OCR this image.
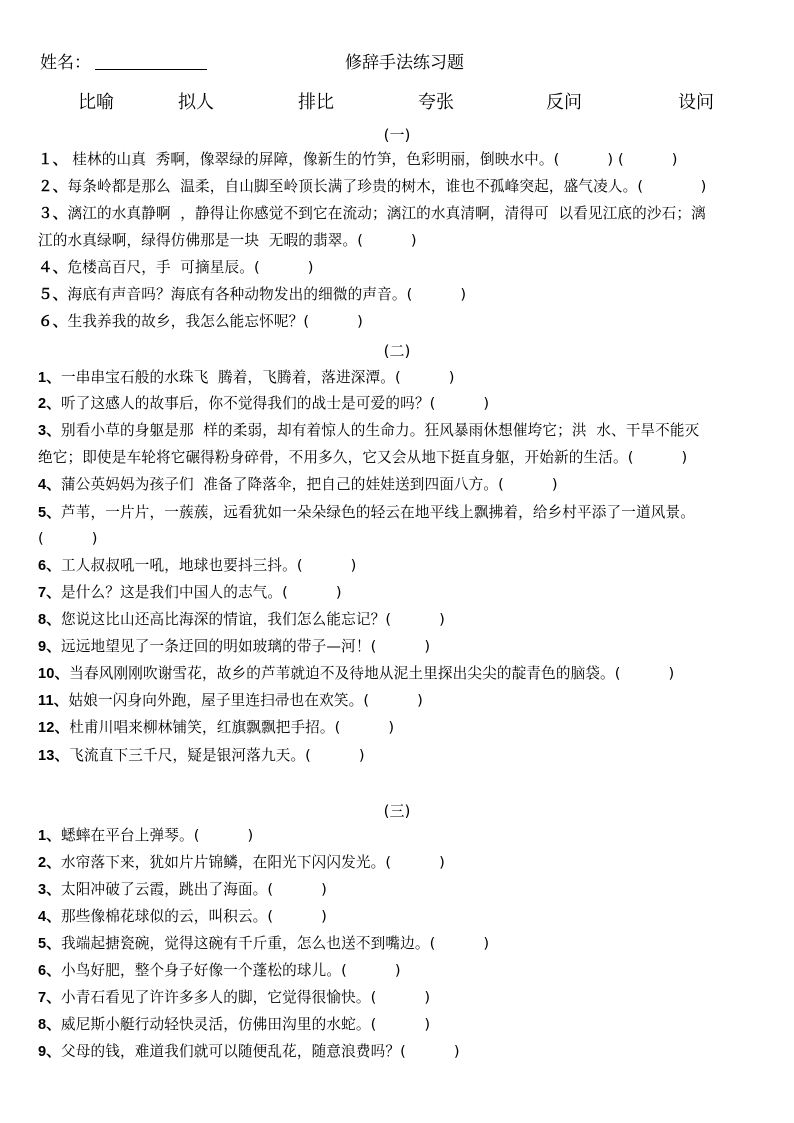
姓名：	修辞手法练习题
比喻	拟人	排比	夸张	反问	设问
(一)
１、 桂林的山真  秀啊，像翠绿的屏障，像新生的竹笋，色彩明丽，倒映水中。(          ) (          )
２、每条岭都是那么  温柔，自山脚至岭顶长满了珍贵的树木，谁也不孤峰突起，盛气凌人。(            )
３、漓江的水真静啊  ，静得让你感觉不到它在流动；漓江的水真清啊，清得可  以看见江底的沙石；漓
江的水真绿啊，绿得仿佛那是一块  无暇的翡翠。(          )
４、危楼高百尺，手  可摘星辰。(          )
５、海底有声音吗？海底有各种动物发出的细微的声音。(          )
６、生我养我的故乡，我怎么能忘怀呢？(          )
(二)
1、一串串宝石般的水珠飞  腾着，飞腾着，落进深潭。(          )
2、听了这感人的故事后，你不觉得我们的战士是可爱的吗？(          )
3、别看小草的身躯是那  样的柔弱，却有着惊人的生命力。狂风暴雨休想催垮它；洪  水、干旱不能灭
绝它；即使是车轮将它碾得粉身碎骨，不用多久，它又会从地下挺直身躯，开始新的生活。(          )
4、蒲公英妈妈为孩子们  准备了降落伞，把自己的娃娃送到四面八方。(          )
5、芦苇，一片片，一蔟蔟，远看犹如一朵朵绿色的轻云在地平线上飘拂着，给乡村平添了一道风景。
(          )
6、工人叔叔吼一吼，地球也要抖三抖。(          )
7、是什么？这是我们中国人的志气。(          )
8、您说这比山还高比海深的情谊，我们怎么能忘记？(          )
9、远远地望见了一条迂回的明如玻璃的带子—河！(          )
10、当春风刚刚吹谢雪花，故乡的芦苇就迫不及待地从泥土里探出尖尖的靛青色的脑袋。(          )
11、姑娘一闪身向外跑，屋子里连扫帚也在欢笑。(          )
12、杜甫川唱来柳林铺笑，红旗飘飘把手招。(          )
13、飞流直下三千尺，疑是银河落九天。(          )
(三)
1、蟋蟀在平台上弹琴。(          )
2、水帘落下来，犹如片片锦鳞，在阳光下闪闪发光。(          )
3、太阳冲破了云霞，跳出了海面。(          )
4、那些像棉花球似的云，叫积云。(          )
5、我端起搪瓷碗，觉得这碗有千斤重，怎么也送不到嘴边。(          )
6、小鸟好肥，整个身子好像一个蓬松的球儿。(          )
7、小青石看见了许许多多人的脚，它觉得很愉快。(          )
8、威尼斯小艇行动轻快灵活，仿佛田沟里的水蛇。(          )
9、父母的钱，难道我们就可以随便乱花，随意浪费吗？(          )
